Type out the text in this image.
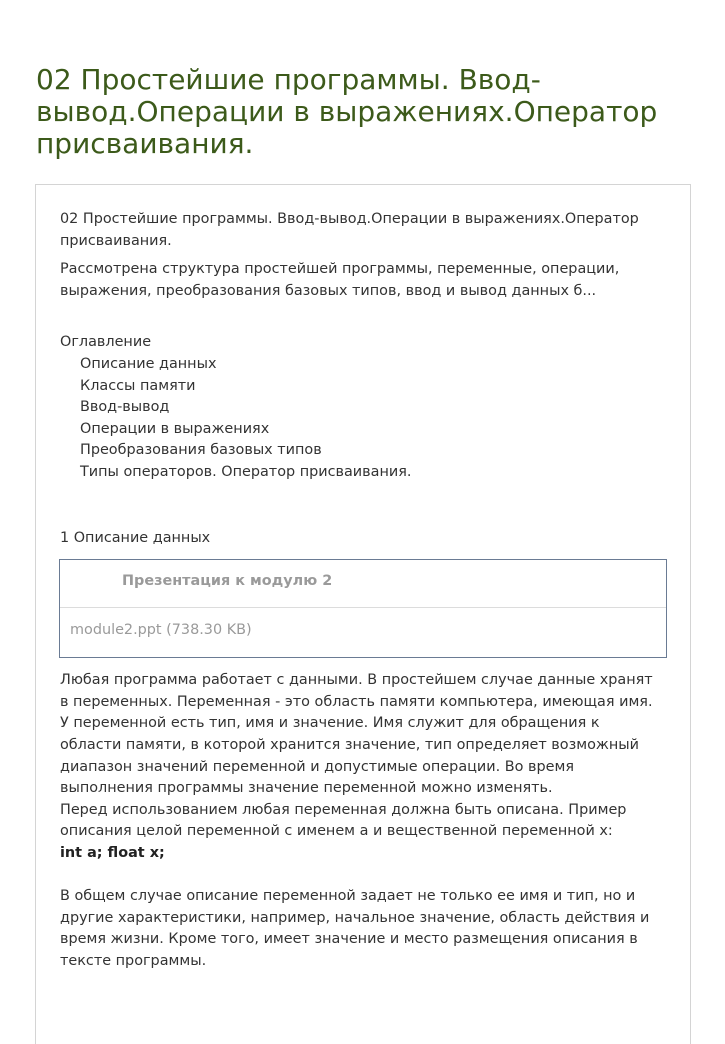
02 Простейшие программы. Ввод-вывод.Операции в выражениях.Оператор присваивания.

02 Простейшие программы. Ввод-вывод.Операции в выражениях.Оператор присваивания.

Рассмотрена структура простейшей программы, переменные, операции, выражения, преобразования базовых типов, ввод и вывод данных б...

Оглавление
Описание данных
Классы памяти
Ввод-вывод
Операции в выражениях
Преобразования базовых типов
Типы операторов. Оператор присваивания.
1 Описание данных
Презентация к модулю 2
module2.ppt (738.30 KB)

Любая программа работает с данными. В простейшем случае данные хранят в переменных. Переменная - это область памяти компьютера, имеющая имя. У переменной есть тип, имя и значение. Имя служит для обращения к области памяти, в которой хранится значение, тип определяет возможный диапазон значений переменной и допустимые операции. Во время выполнения программы значение переменной можно изменять.

Перед использованием любая переменная должна быть описана. Пример описания целой переменной с именем a и вещественной переменной x:

int a; float x;

В общем случае описание переменной задает не только ее имя и тип, но и другие характеристики, например, начальное значение, область действия и время жизни. Кроме того, имеет значение и место размещения описания в тексте программы.
